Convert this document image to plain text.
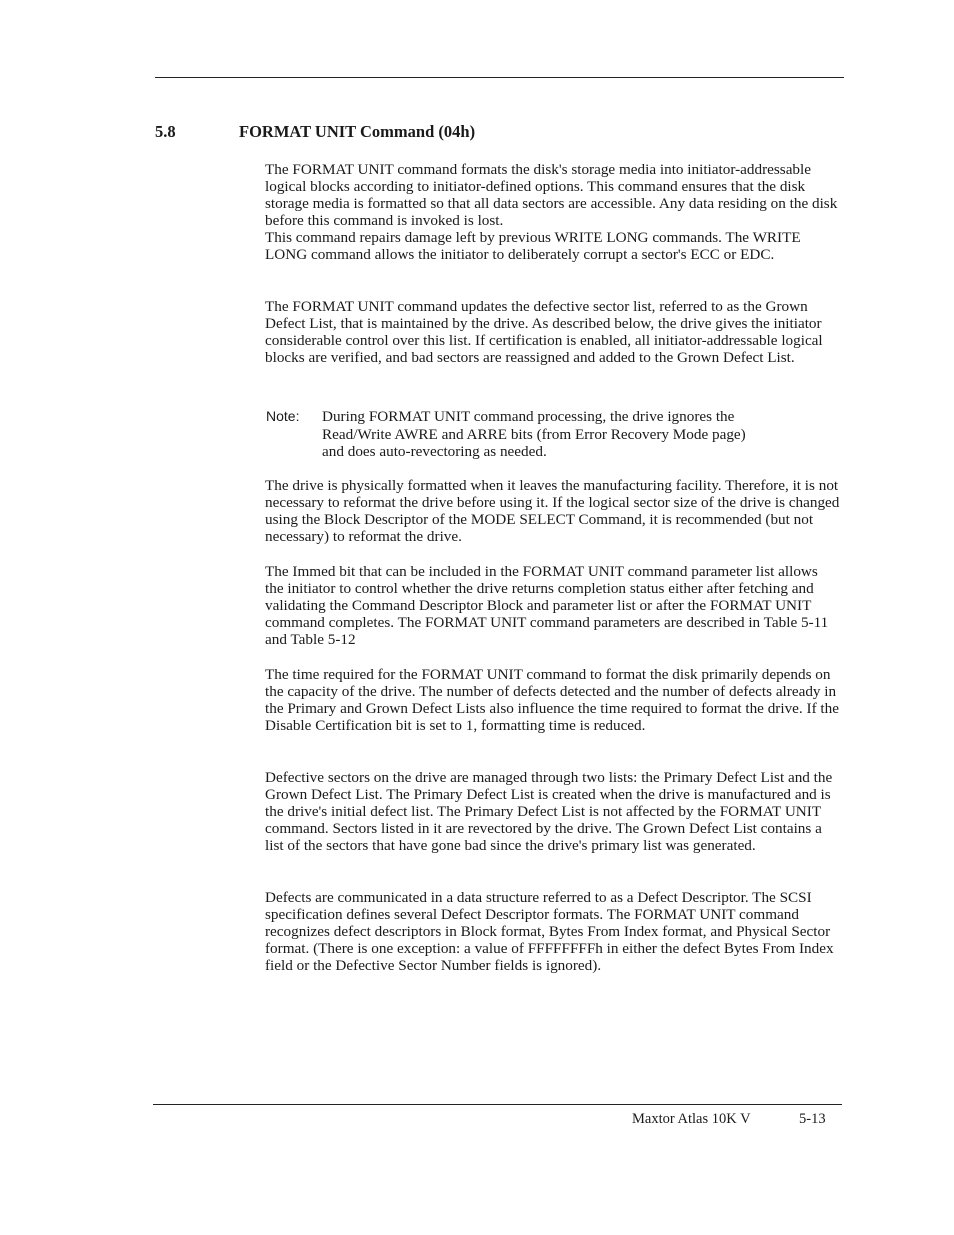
5.8	FORMAT UNIT Command (04h)

The FORMAT UNIT command formats the disk's storage media into initiator-addressable logical blocks according to initiator-defined options. This command ensures that the disk storage media is formatted so that all data sectors are accessible. Any data residing on the disk before this command is invoked is lost.

This command repairs damage left by previous WRITE LONG commands. The WRITE LONG command allows the initiator to deliberately corrupt a sector's ECC or EDC.

The FORMAT UNIT command updates the defective sector list, referred to as the Grown Defect List, that is maintained by the drive. As described below, the drive gives the initiator considerable control over this list. If certification is enabled, all initiator-addressable logical blocks are verified, and bad sectors are reassigned and added to the Grown Defect List.

Note: During FORMAT UNIT command processing, the drive ignores the Read/Write AWRE and ARRE bits (from Error Recovery Mode page) and does auto-revectoring as needed.

The drive is physically formatted when it leaves the manufacturing facility. Therefore, it is not necessary to reformat the drive before using it. If the logical sector size of the drive is changed using the Block Descriptor of the MODE SELECT Command, it is recommended (but not necessary) to reformat the drive.

The Immed bit that can be included in the FORMAT UNIT command parameter list allows the initiator to control whether the drive returns completion status either after fetching and validating the Command Descriptor Block and parameter list or after the FORMAT UNIT command completes. The FORMAT UNIT command parameters are described in Table 5-11 and Table 5-12

The time required for the FORMAT UNIT command to format the disk primarily depends on the capacity of the drive. The number of defects detected and the number of defects already in the Primary and Grown Defect Lists also influence the time required to format the drive. If the Disable Certification bit is set to 1, formatting time is reduced.

Defective sectors on the drive are managed through two lists: the Primary Defect List and the Grown Defect List. The Primary Defect List is created when the drive is manufactured and is the drive's initial defect list. The Primary Defect List is not affected by the FORMAT UNIT command. Sectors listed in it are revectored by the drive. The Grown Defect List contains a list of the sectors that have gone bad since the drive's primary list was generated.

Defects are communicated in a data structure referred to as a Defect Descriptor. The SCSI specification defines several Defect Descriptor formats. The FORMAT UNIT command recognizes defect descriptors in Block format, Bytes From Index format, and Physical Sector format. (There is one exception: a value of FFFFFFFFh in either the defect Bytes From Index field or the Defective Sector Number fields is ignored).

Maxtor Atlas 10K V	5-13
